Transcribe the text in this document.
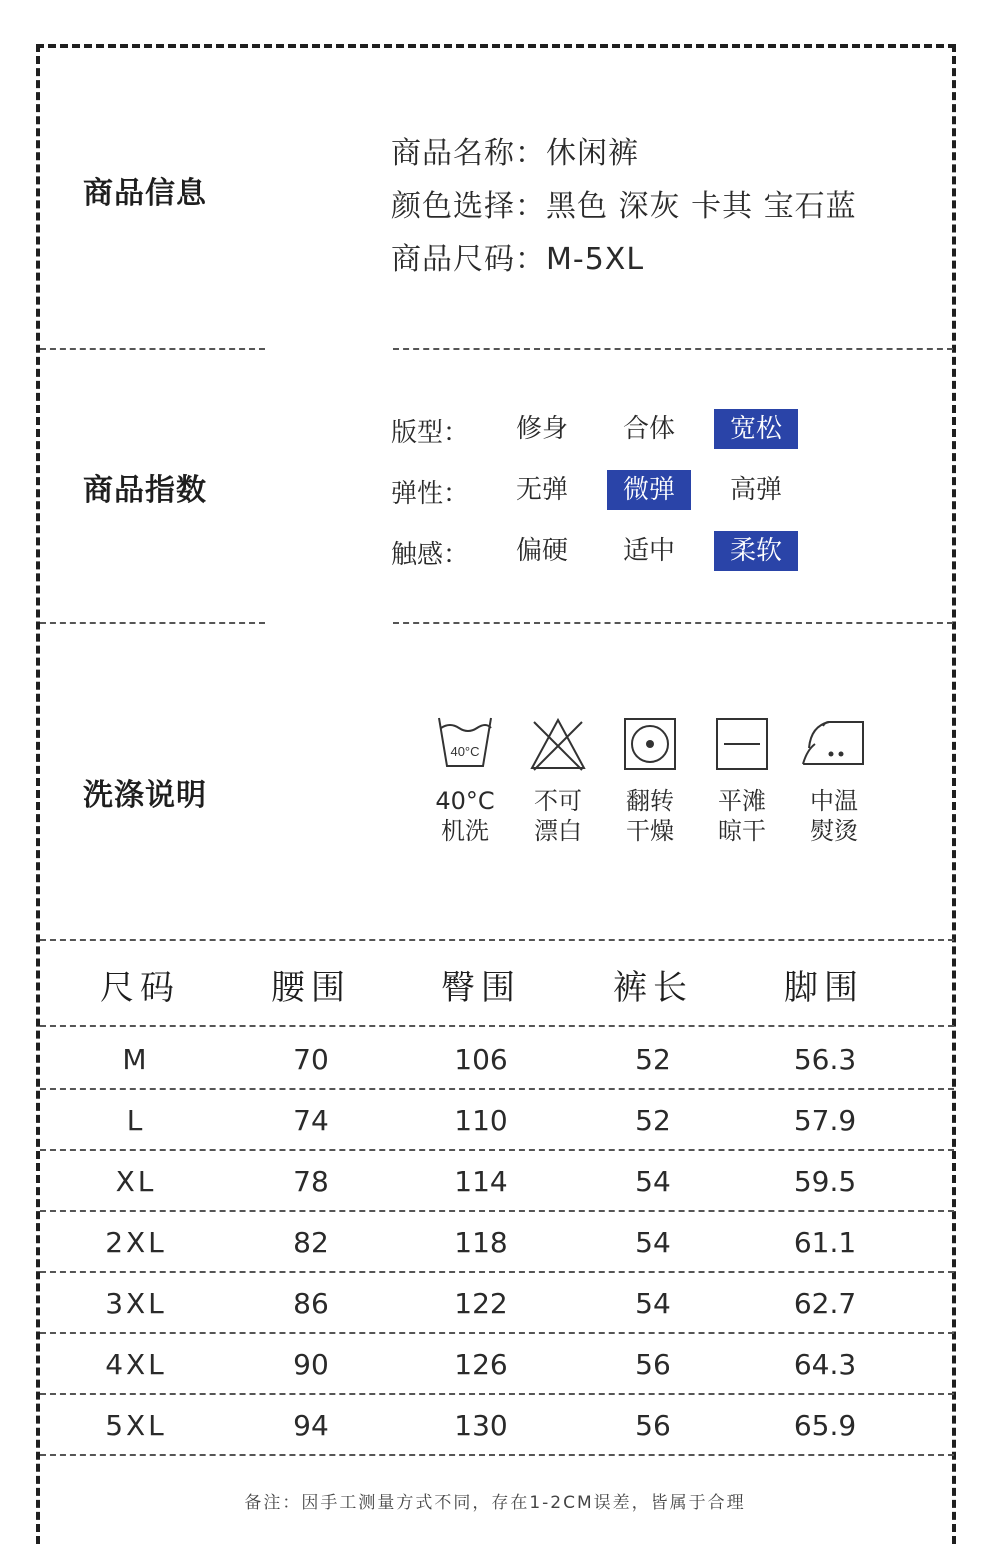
商品信息
商品名称：休闲裤
颜色选择：黑色 深灰 卡其 宝石蓝
商品尺码：M-5XL
商品指数
版型：	修身	合体	宽松
弹性：	无弹	微弹	高弹
触感：	偏硬	适中	柔软
洗涤说明
40°C
40°C
机洗
不可
漂白
翻转
干燥
平滩
晾干
中温
熨烫
尺码	腰围	臀围	裤长	脚围
M	70	106	52	56.3
L	74	110	52	57.9
XL	78	114	54	59.5
2XL	82	118	54	61.1
3XL	86	122	54	62.7
4XL	90	126	56	64.3
5XL	94	130	56	65.9
备注：因手工测量方式不同，存在1-2CM误差，皆属于合理
